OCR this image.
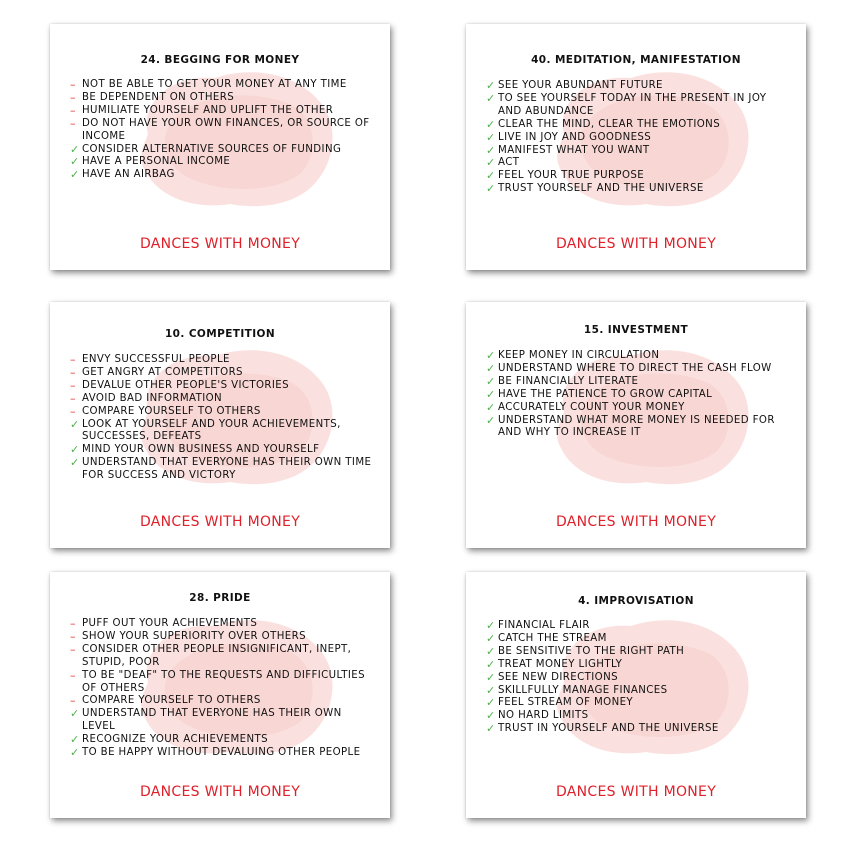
24. BEGGING FOR MONEY
– NOT BE ABLE TO GET YOUR MONEY AT ANY TIME
– BE DEPENDENT ON OTHERS
– HUMILIATE YOURSELF AND UPLIFT THE OTHER
– DO NOT HAVE YOUR OWN FINANCES, OR SOURCE OF INCOME
✓ CONSIDER ALTERNATIVE SOURCES OF FUNDING
✓ HAVE A PERSONAL INCOME
✓ HAVE AN AIRBAG
DANCES WITH MONEY
40. MEDITATION, MANIFESTATION
✓ SEE YOUR ABUNDANT FUTURE
✓ TO SEE YOURSELF TODAY IN THE PRESENT IN JOY AND ABUNDANCE
✓ CLEAR THE MIND, CLEAR THE EMOTIONS
✓ LIVE IN JOY AND GOODNESS
✓ MANIFEST WHAT YOU WANT
✓ ACT
✓ FEEL YOUR TRUE PURPOSE
✓ TRUST YOURSELF AND THE UNIVERSE
DANCES WITH MONEY
10. COMPETITION
– ENVY SUCCESSFUL PEOPLE
– GET ANGRY AT COMPETITORS
– DEVALUE OTHER PEOPLE'S VICTORIES
– AVOID BAD INFORMATION
– COMPARE YOURSELF TO OTHERS
✓ LOOK AT YOURSELF AND YOUR ACHIEVEMENTS, SUCCESSES, DEFEATS
✓ MIND YOUR OWN BUSINESS AND YOURSELF
✓ UNDERSTAND THAT EVERYONE HAS THEIR OWN TIME FOR SUCCESS AND VICTORY
DANCES WITH MONEY
15. INVESTMENT
✓ KEEP MONEY IN CIRCULATION
✓ UNDERSTAND WHERE TO DIRECT THE CASH FLOW
✓ BE FINANCIALLY LITERATE
✓ HAVE THE PATIENCE TO GROW CAPITAL
✓ ACCURATELY COUNT YOUR MONEY
✓ UNDERSTAND WHAT MORE MONEY IS NEEDED FOR AND WHY TO INCREASE IT
DANCES WITH MONEY
28. PRIDE
– PUFF OUT YOUR ACHIEVEMENTS
– SHOW YOUR SUPERIORITY OVER OTHERS
– CONSIDER OTHER PEOPLE INSIGNIFICANT, INEPT, STUPID, POOR
– TO BE "DEAF" TO THE REQUESTS AND DIFFICULTIES OF OTHERS
– COMPARE YOURSELF TO OTHERS
✓ UNDERSTAND THAT EVERYONE HAS THEIR OWN LEVEL
✓ RECOGNIZE YOUR ACHIEVEMENTS
✓ TO BE HAPPY WITHOUT DEVALUING OTHER PEOPLE
DANCES WITH MONEY
4. IMPROVISATION
✓ FINANCIAL FLAIR
✓ CATCH THE STREAM
✓ BE SENSITIVE TO THE RIGHT PATH
✓ TREAT MONEY LIGHTLY
✓ SEE NEW DIRECTIONS
✓ SKILLFULLY MANAGE FINANCES
✓ FEEL STREAM OF MONEY
✓ NO HARD LIMITS
✓ TRUST IN YOURSELF AND THE UNIVERSE
DANCES WITH MONEY
